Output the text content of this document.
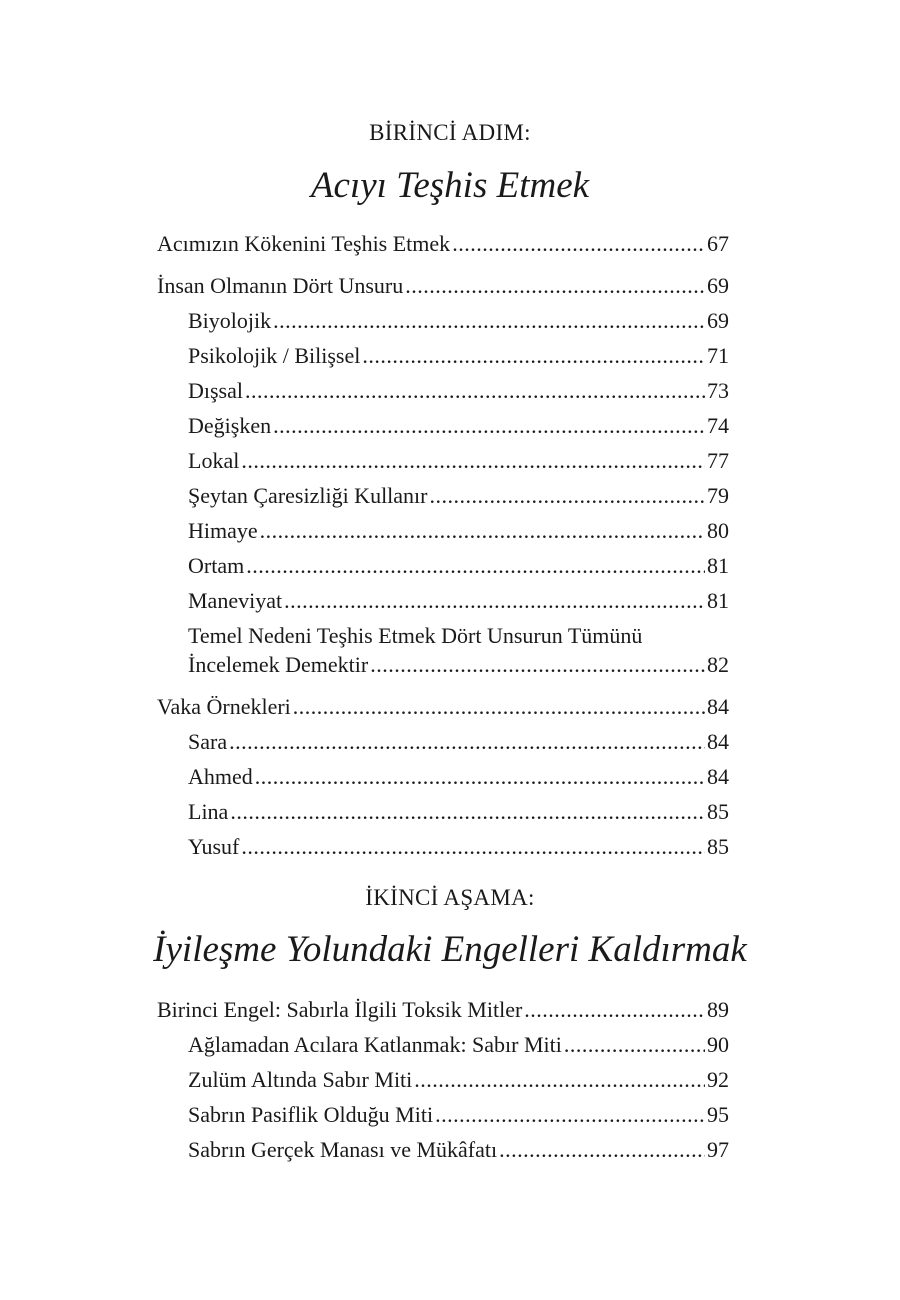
BİRİNCİ ADIM:
Acıyı Teşhis Etmek
Acımızın Kökenini Teşhis Etmek .....	67
İnsan Olmanın Dört Unsuru .....	69
Biyolojik .....	69
Psikolojik / Bilişsel .....	71
Dışsal .....	73
Değişken .....	74
Lokal .....	77
Şeytan Çaresizliği Kullanır .....	79
Himaye .....	80
Ortam .....	81
Maneviyat .....	81
Temel Nedeni Teşhis Etmek Dört Unsurun Tümünü
İncelemek Demektir .....	82
Vaka Örnekleri .....	84
Sara .....	84
Ahmed .....	84
Lina .....	85
Yusuf .....	85
İKİNCİ AŞAMA:
İyileşme Yolundaki Engelleri Kaldırmak
Birinci Engel: Sabırla İlgili Toksik Mitler .....	89
Ağlamadan Acılara Katlanmak: Sabır Miti .....	90
Zulüm Altında Sabır Miti .....	92
Sabrın Pasiflik Olduğu Miti .....	95
Sabrın Gerçek Manası ve Mükâfatı .....	97
